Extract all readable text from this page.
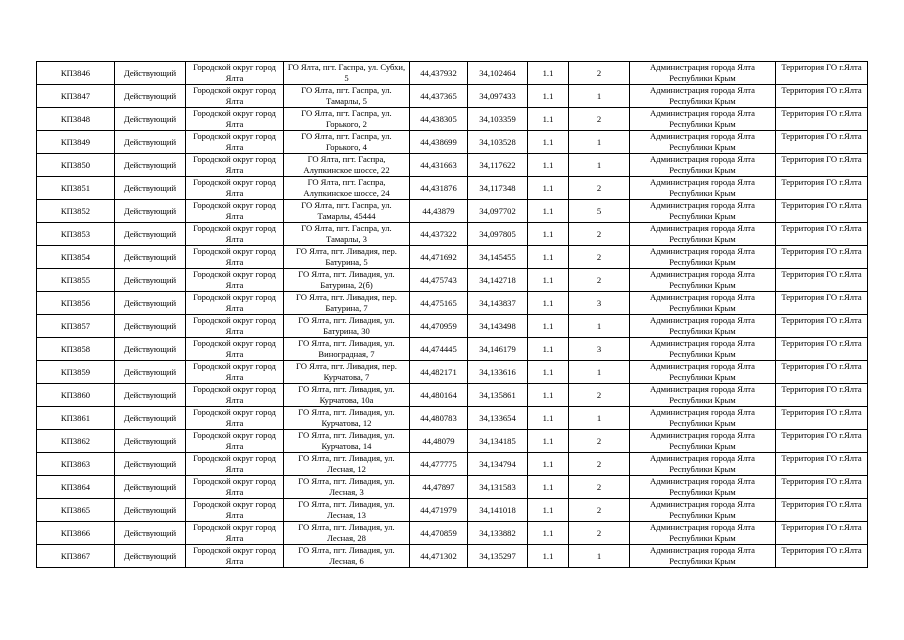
КП3846	Действующий	Городской округ город Ялта	ГО Ялта, пгт. Гаспра, ул. Субхи, 5	44,437932	34,102464	1.1	2	Администрация города Ялта Республики Крым	Территория ГО г.Ялта
КП3847	Действующий	Городской округ город Ялта	ГО Ялта, пгт. Гаспра, ул. Тамарлы, 5	44,437365	34,097433	1.1	1	Администрация города Ялта Республики Крым	Территория ГО г.Ялта
КП3848	Действующий	Городской округ город Ялта	ГО Ялта, пгт. Гаспра, ул. Горького, 2	44,438305	34,103359	1.1	2	Администрация города Ялта Республики Крым	Территория ГО г.Ялта
КП3849	Действующий	Городской округ город Ялта	ГО Ялта, пгт. Гаспра, ул. Горького, 4	44,438699	34,103528	1.1	1	Администрация города Ялта Республики Крым	Территория ГО г.Ялта
КП3850	Действующий	Городской округ город Ялта	ГО Ялта, пгт. Гаспра, Алупкинское шоссе, 22	44,431663	34,117622	1.1	1	Администрация города Ялта Республики Крым	Территория ГО г.Ялта
КП3851	Действующий	Городской округ город Ялта	ГО Ялта, пгт. Гаспра, Алупкинское шоссе, 24	44,431876	34,117348	1.1	2	Администрация города Ялта Республики Крым	Территория ГО г.Ялта
КП3852	Действующий	Городской округ город Ялта	ГО Ялта, пгт. Гаспра, ул. Тамарлы, 45444	44,43879	34,097702	1.1	5	Администрация города Ялта Республики Крым	Территория ГО г.Ялта
КП3853	Действующий	Городской округ город Ялта	ГО Ялта, пгт. Гаспра, ул. Тамарлы, 3	44,437322	34,097805	1.1	2	Администрация города Ялта Республики Крым	Территория ГО г.Ялта
КП3854	Действующий	Городской округ город Ялта	ГО Ялта, пгт. Ливадия, пер. Батурина, 5	44,471692	34,145455	1.1	2	Администрация города Ялта Республики Крым	Территория ГО г.Ялта
КП3855	Действующий	Городской округ город Ялта	ГО Ялта, пгт. Ливадия, ул. Батурина, 2(б)	44,475743	34,142718	1.1	2	Администрация города Ялта Республики Крым	Территория ГО г.Ялта
КП3856	Действующий	Городской округ город Ялта	ГО Ялта, пгт. Ливадия, пер. Батурина, 7	44,475165	34,143837	1.1	3	Администрация города Ялта Республики Крым	Территория ГО г.Ялта
КП3857	Действующий	Городской округ город Ялта	ГО Ялта, пгт. Ливадия, ул. Батурина, 30	44,470959	34,143498	1.1	1	Администрация города Ялта Республики Крым	Территория ГО г.Ялта
КП3858	Действующий	Городской округ город Ялта	ГО Ялта, пгт. Ливадия, ул. Виноградная, 7	44,474445	34,146179	1.1	3	Администрация города Ялта Республики Крым	Территория ГО г.Ялта
КП3859	Действующий	Городской округ город Ялта	ГО Ялта, пгт. Ливадия, пер. Курчатова, 7	44,482171	34,133616	1.1	1	Администрация города Ялта Республики Крым	Территория ГО г.Ялта
КП3860	Действующий	Городской округ город Ялта	ГО Ялта, пгт. Ливадия, ул. Курчатова, 10а	44,480164	34,135861	1.1	2	Администрация города Ялта Республики Крым	Территория ГО г.Ялта
КП3861	Действующий	Городской округ город Ялта	ГО Ялта, пгт. Ливадия, ул. Курчатова, 12	44,480783	34,133654	1.1	1	Администрация города Ялта Республики Крым	Территория ГО г.Ялта
КП3862	Действующий	Городской округ город Ялта	ГО Ялта, пгт. Ливадия, ул. Курчатова, 14	44,48079	34,134185	1.1	2	Администрация города Ялта Республики Крым	Территория ГО г.Ялта
КП3863	Действующий	Городской округ город Ялта	ГО Ялта, пгт. Ливадия, ул. Лесная, 12	44,477775	34,134794	1.1	2	Администрация города Ялта Республики Крым	Территория ГО г.Ялта
КП3864	Действующий	Городской округ город Ялта	ГО Ялта, пгт. Ливадия, ул. Лесная, 3	44,47897	34,131583	1.1	2	Администрация города Ялта Республики Крым	Территория ГО г.Ялта
КП3865	Действующий	Городской округ город Ялта	ГО Ялта, пгт. Ливадия, ул. Лесная, 13	44,471979	34,141018	1.1	2	Администрация города Ялта Республики Крым	Территория ГО г.Ялта
КП3866	Действующий	Городской округ город Ялта	ГО Ялта, пгт. Ливадия, ул. Лесная, 28	44,470859	34,133882	1.1	2	Администрация города Ялта Республики Крым	Территория ГО г.Ялта
КП3867	Действующий	Городской округ город Ялта	ГО Ялта, пгт. Ливадия, ул. Лесная, 6	44,471302	34,135297	1.1	1	Администрация города Ялта Республики Крым	Территория ГО г.Ялта
